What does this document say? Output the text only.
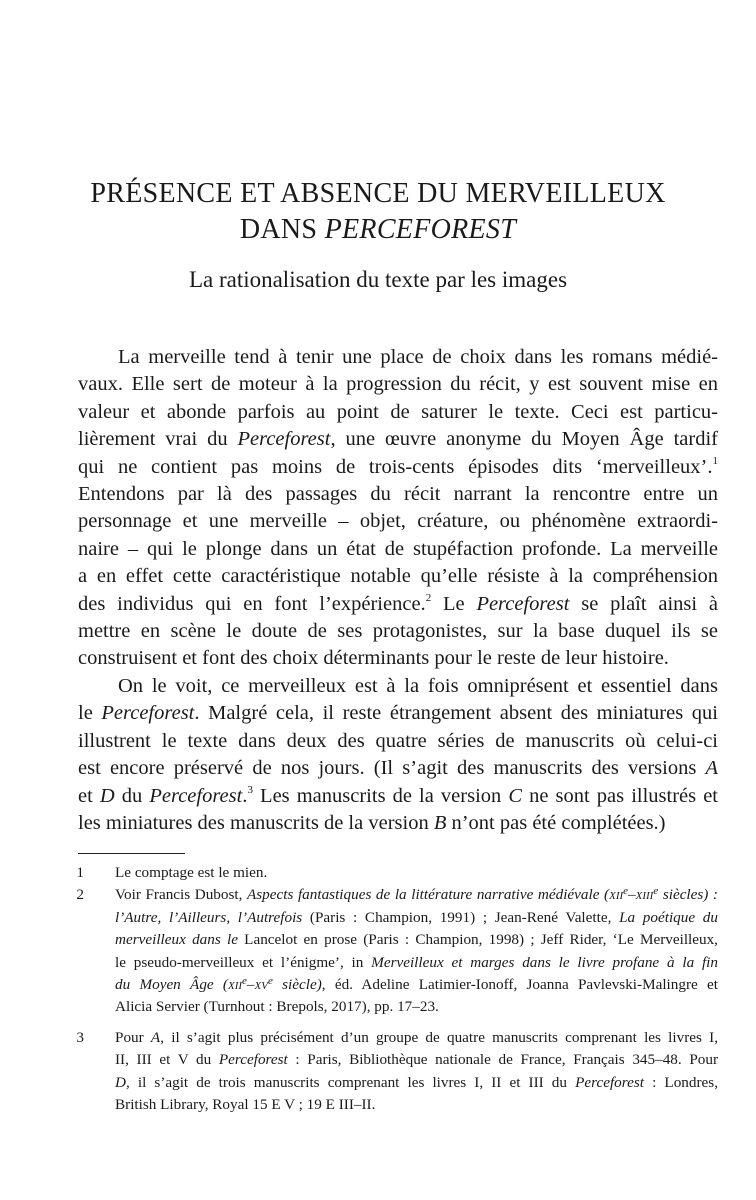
PRÉSENCE ET ABSENCE DU MERVEILLEUX
DANS PERCEFOREST
La rationalisation du texte par les images
La merveille tend à tenir une place de choix dans les romans médié-
vaux. Elle sert de moteur à la progression du récit, y est souvent mise en
valeur et abonde parfois au point de saturer le texte. Ceci est particu-
lièrement vrai du Perceforest, une œuvre anonyme du Moyen Âge tardif
qui ne contient pas moins de trois-cents épisodes dits ‘merveilleux’.$^1$
Entendons par là des passages du récit narrant la rencontre entre un
personnage et une merveille – objet, créature, ou phénomène extraordi-
naire – qui le plonge dans un état de stupéfaction profonde. La merveille
a en effet cette caractéristique notable qu’elle résiste à la compréhension
des individus qui en font l’expérience.$^2$ Le Perceforest se plaît ainsi à
mettre en scène le doute de ses protagonistes, sur la base duquel ils se
construisent et font des choix déterminants pour le reste de leur histoire.
On le voit, ce merveilleux est à la fois omniprésent et essentiel dans
le Perceforest. Malgré cela, il reste étrangement absent des miniatures qui
illustrent le texte dans deux des quatre séries de manuscrits où celui-ci
est encore préservé de nos jours. (Il s’agit des manuscrits des versions A
et D du Perceforest.$^3$ Les manuscrits de la version C ne sont pas illustrés et
les miniatures des manuscrits de la version B n’ont pas été complétées.)
1 Le comptage est le mien.
2 Voir Francis Dubost, Aspects fantastiques de la littérature narrative médiévale (xii$^e$–xiii$^e$ siècles) :
l’Autre, l’Ailleurs, l’Autrefois (Paris : Champion, 1991) ; Jean-René Valette, La poétique du
merveilleux dans le Lancelot en prose (Paris : Champion, 1998) ; Jeff Rider, ‘Le Merveilleux,
le pseudo-merveilleux et l’énigme’, in Merveilleux et marges dans le livre profane à la fin
du Moyen Âge ($xii^e-xv^e$ siècle), éd. Adeline Latimier-Ionoff, Joanna Pavlevski-Malingre et
Alicia Servier (Turnhout : Brepols, 2017), pp. 17–23.
3 Pour A, il s’agit plus précisément d’un groupe de quatre manuscrits comprenant les livres I,
II, III et V du Perceforest : Paris, Bibliothèque nationale de France, Français 345–48. Pour
D, il s’agit de trois manuscrits comprenant les livres I, II et III du Perceforest : Londres,
British Library, Royal 15 E V ; 19 E III–II.
